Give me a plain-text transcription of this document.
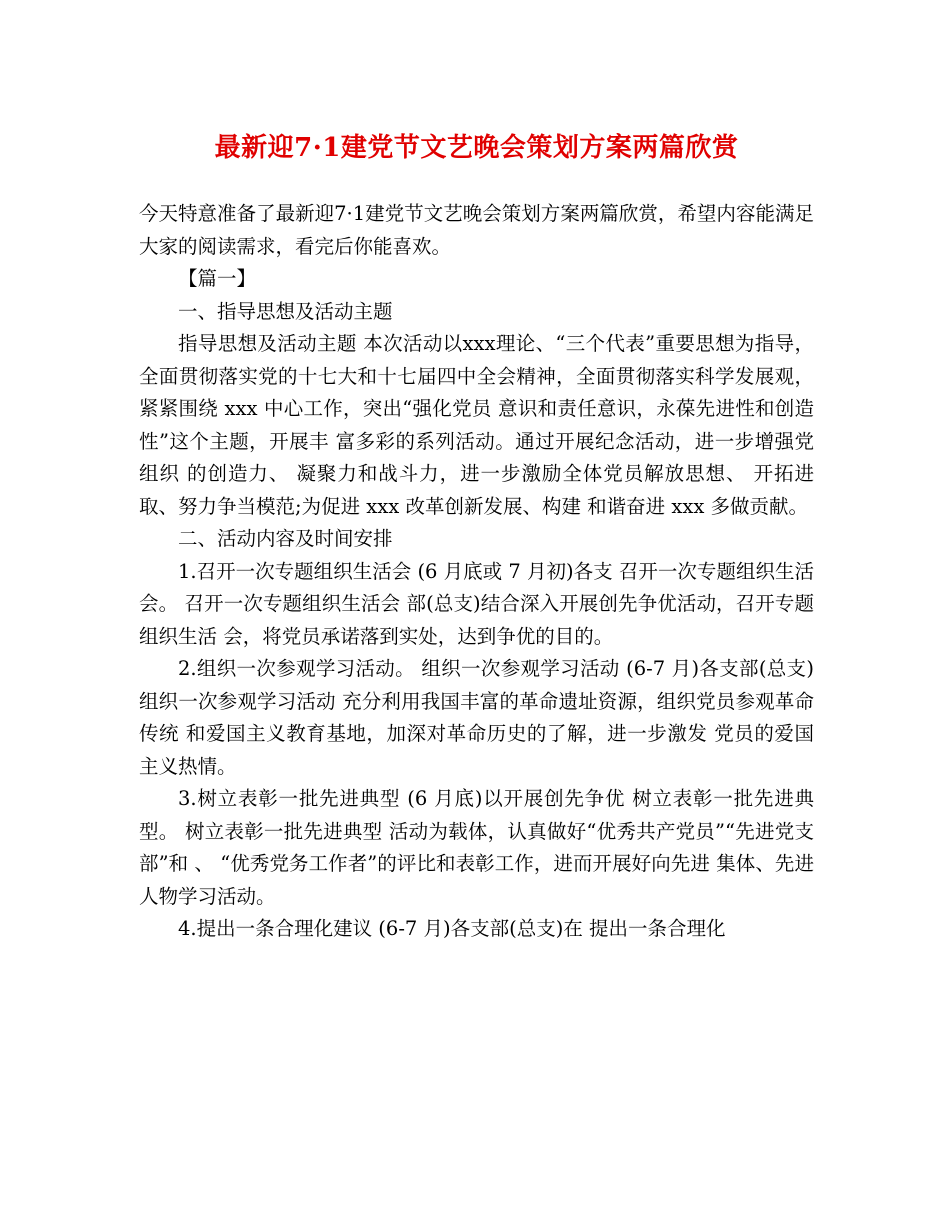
最新迎7·1建党节文艺晚会策划方案两篇欣赏

今天特意准备了最新迎7·1建党节文艺晚会策划方案两篇欣赏，希望内容能满足大家的阅读需求，看完后你能喜欢。

【篇一】

一、指导思想及活动主题

指导思想及活动主题 本次活动以xxx理论、“三个代表”重要思想为指导， 全面贯彻落实党的十七大和十七届四中全会精神，全面贯彻落实科学发展观，紧紧围绕 xxx 中心工作，突出“强化党员 意识和责任意识，永葆先进性和创造性”这个主题，开展丰 富多彩的系列活动。通过开展纪念活动，进一步增强党组织 的创造力、 凝聚力和战斗力，进一步激励全体党员解放思想、 开拓进取、努力争当模范;为促进 xxx 改革创新发展、构建 和谐奋进 xxx 多做贡献。

二、活动内容及时间安排

1.召开一次专题组织生活会 (6 月底或 7 月初)各支 召开一次专题组织生活会。 召开一次专题组织生活会 部(总支)结合深入开展创先争优活动，召开专题组织生活 会，将党员承诺落到实处，达到争优的目的。

2.组织一次参观学习活动。 组织一次参观学习活动 (6-7 月)各支部(总支) 组织一次参观学习活动 充分利用我国丰富的革命遗址资源，组织党员参观革命传统 和爱国主义教育基地，加深对革命历史的了解，进一步激发 党员的爱国主义热情。

3.树立表彰一批先进典型 (6 月底)以开展创先争优 树立表彰一批先进典型。 树立表彰一批先进典型 活动为载体，认真做好“优秀共产党员”“先进党支部”和 、 “优秀党务工作者”的评比和表彰工作，进而开展好向先进 集体、先进人物学习活动。

4.提出一条合理化建议 (6-7 月)各支部(总支)在 提出一条合理化
